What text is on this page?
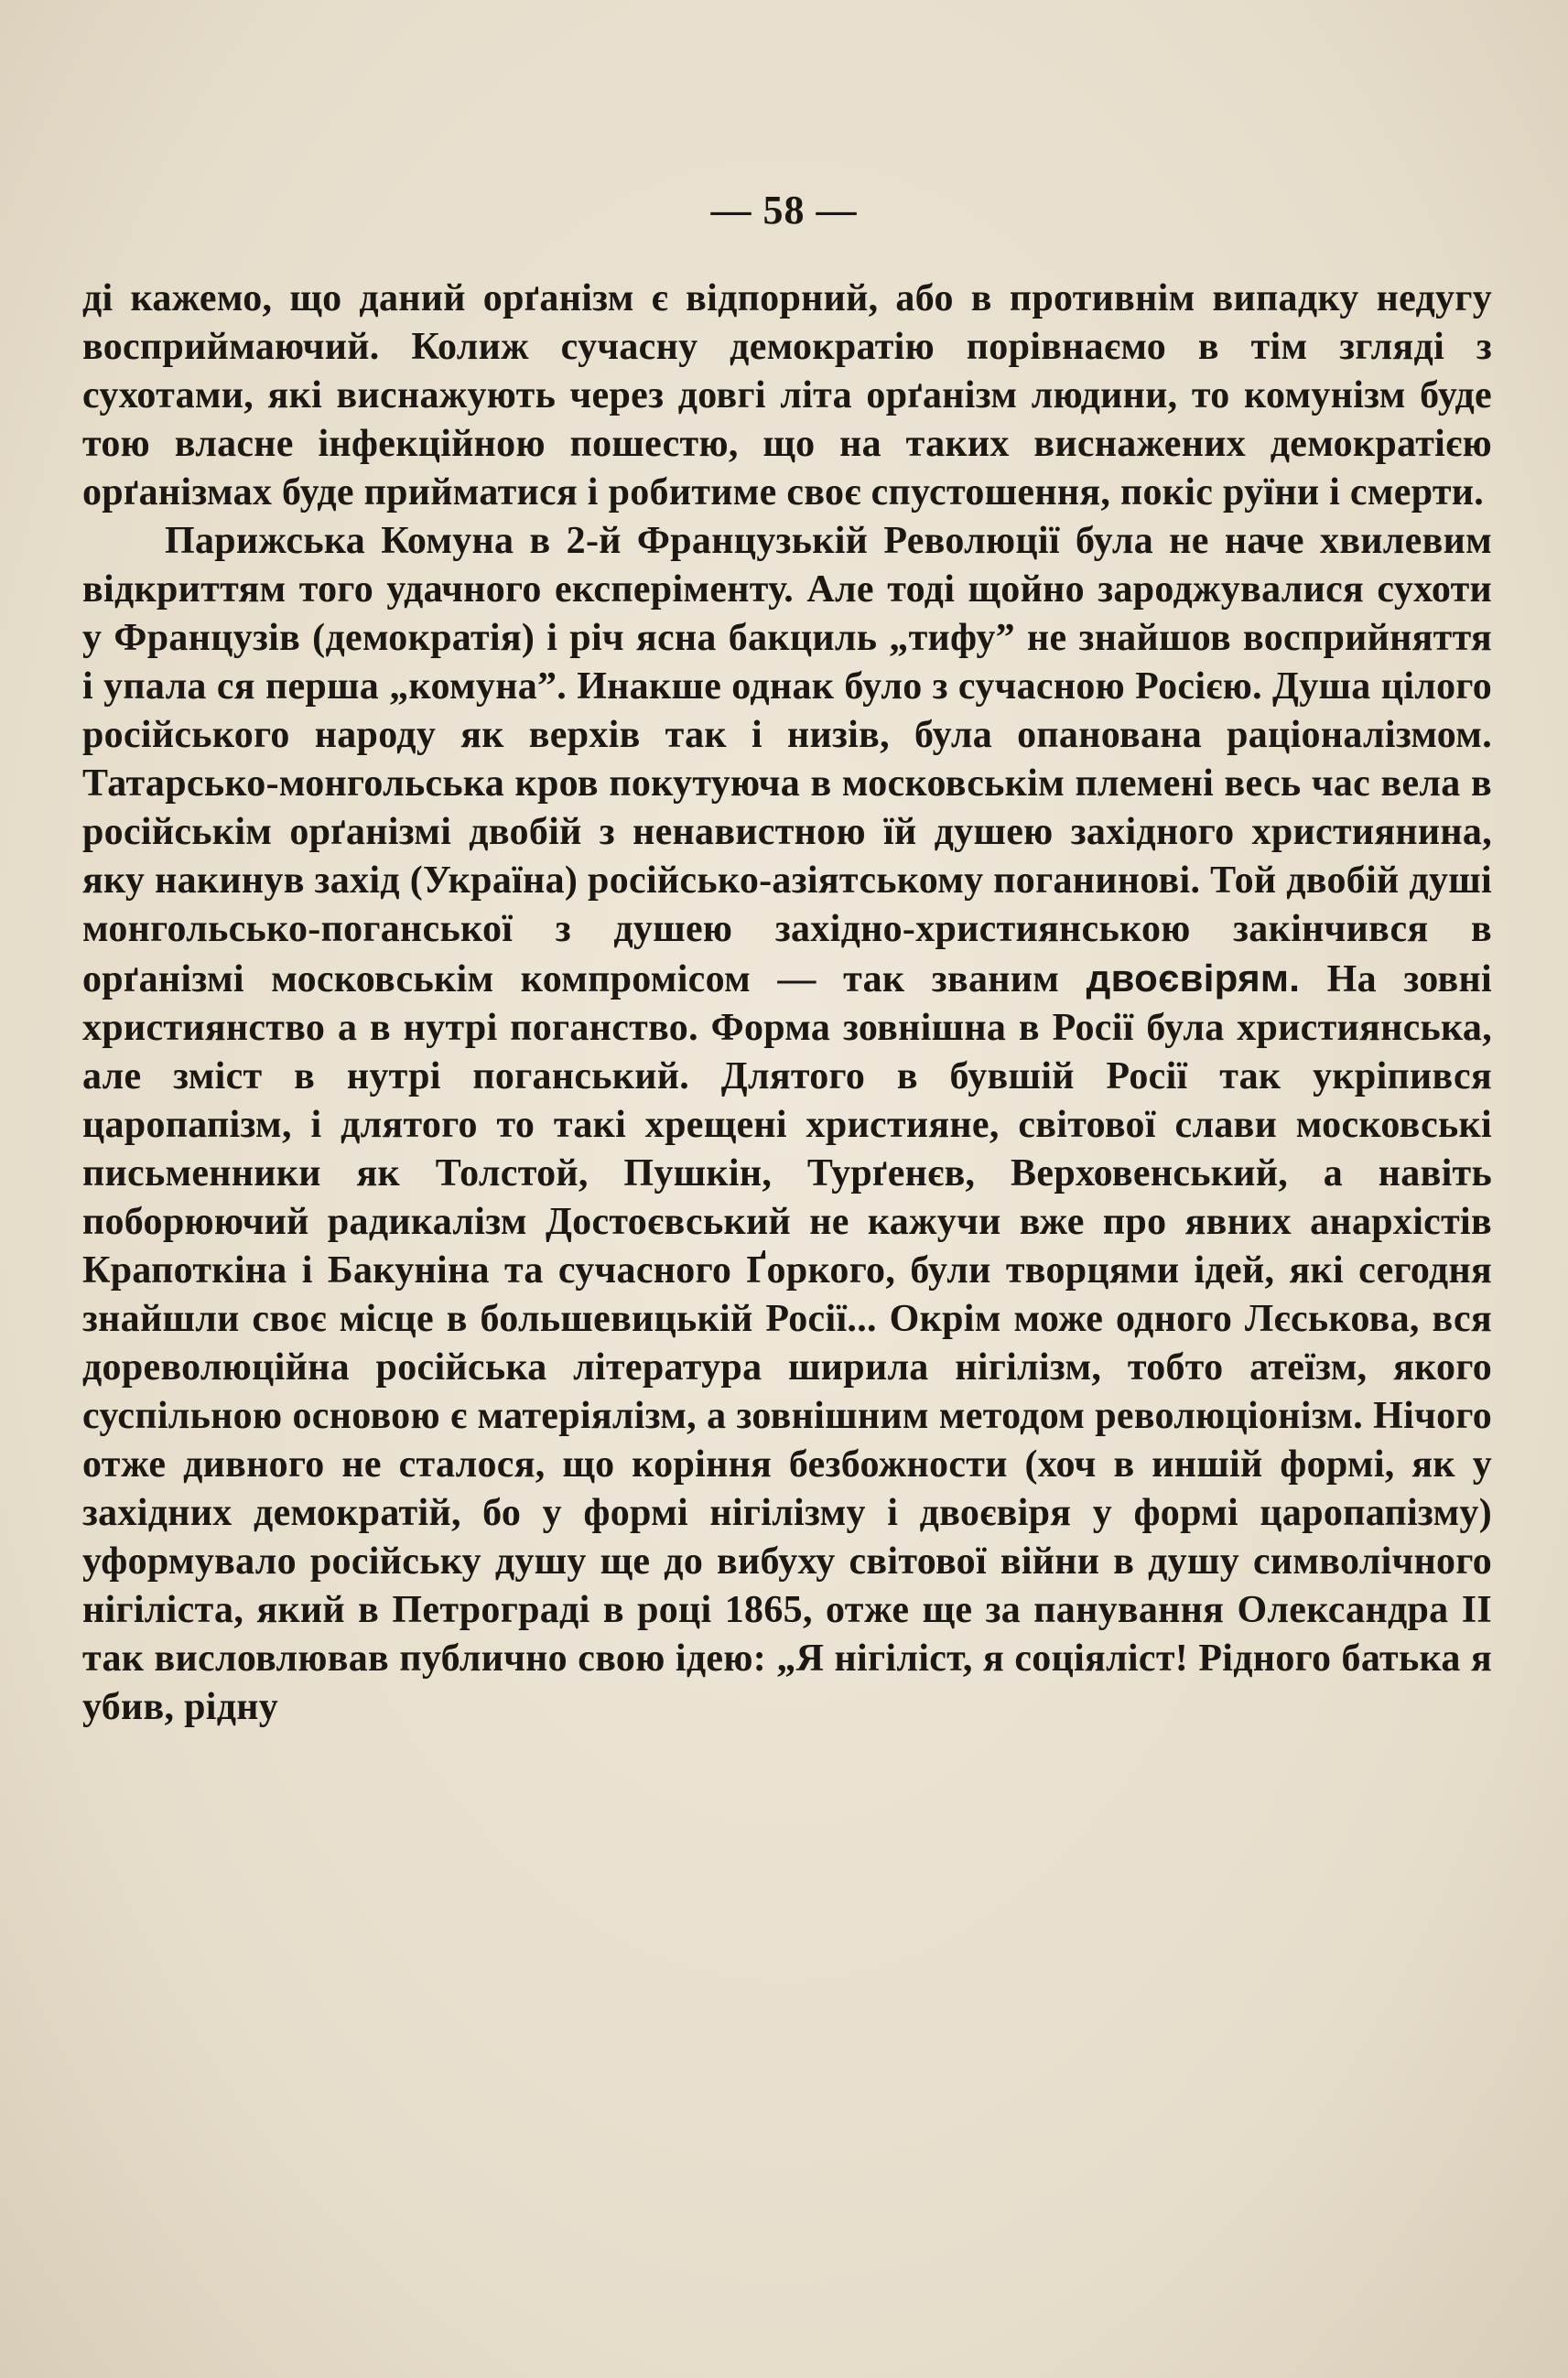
— 58 —

ді кажемо, що даний орґанізм є відпорний, або в противнім випадку недугу восприймаючий. Колиж сучасну демократію порівнаємо в тім зглядi з сухотами, які виснажують через довгі літа орґанізм людини, то комунізм буде тою власне інфекційною пошестю, що на таких виснажених демократією орґанізмах буде прийматися і робитиме своє спустошення, покіс руїни і смерти.

Парижська Комуна в 2-й Французькій Революції була не наче хвилевим відкриттям того удачного експеріменту. Але тоді щойно зароджувалися сухоти у Французів (демократія) і річ ясна бакциль „тифу” не знайшов восприйняття і упала ся перша „комуна”. Инакше однак було з сучасною Росією. Душа цілого російського народу як верхів так і низів, була опанована раціоналізмом. Татарсько-монгольська кров покутуюча в московськім племені весь час вела в російськім орґанізмі двобій з ненавистною їй душею західного християнина, яку накинув захід (Україна) російсько-азіятському поганинові. Той двобій душі монгольсько-поганської з душею західно-християнською закінчився в орґанізмі московськім компромісом — так званим двоєвірям. На зовні християнство а в нутрі поганство. Форма зовнішна в Росії була християнська, але зміст в нутрі поганський. Длятого в бувшій Росії так укріпився царопапізм, і длятого то такі хрещені християне, світової слави московські письменники як Толстой, Пушкін, Турґенєв, Верховенський, а навіть поборюючий радикалізм Достоєвський не кажучи вже про явних анархістів Крапоткіна і Бакуніна та сучасного Ґоркого, були творцями ідей, які сегодня знайшли своє місце в большевицькій Росії... Окрім може одного Лєськова, вся дореволюційна російська література ширила нігілізм, тобто атеїзм, якого суспільною основою є матеріялізм, а зовнішним методом революціонізм. Нічого отже дивного не сталося, що коріння безбожности (хоч в иншій формі, як у західних демократій, бо у формі нігілізму і двоєвіря у формі царопапізму) уформувало російську душу ще до вибуху світової війни в душу символічного нігіліста, який в Петрограді в році 1865, отже ще за панування Олександра II так висловлював публично свою ідею: „Я нігіліст, я соціяліст! Рідного батька я убив, рідну
